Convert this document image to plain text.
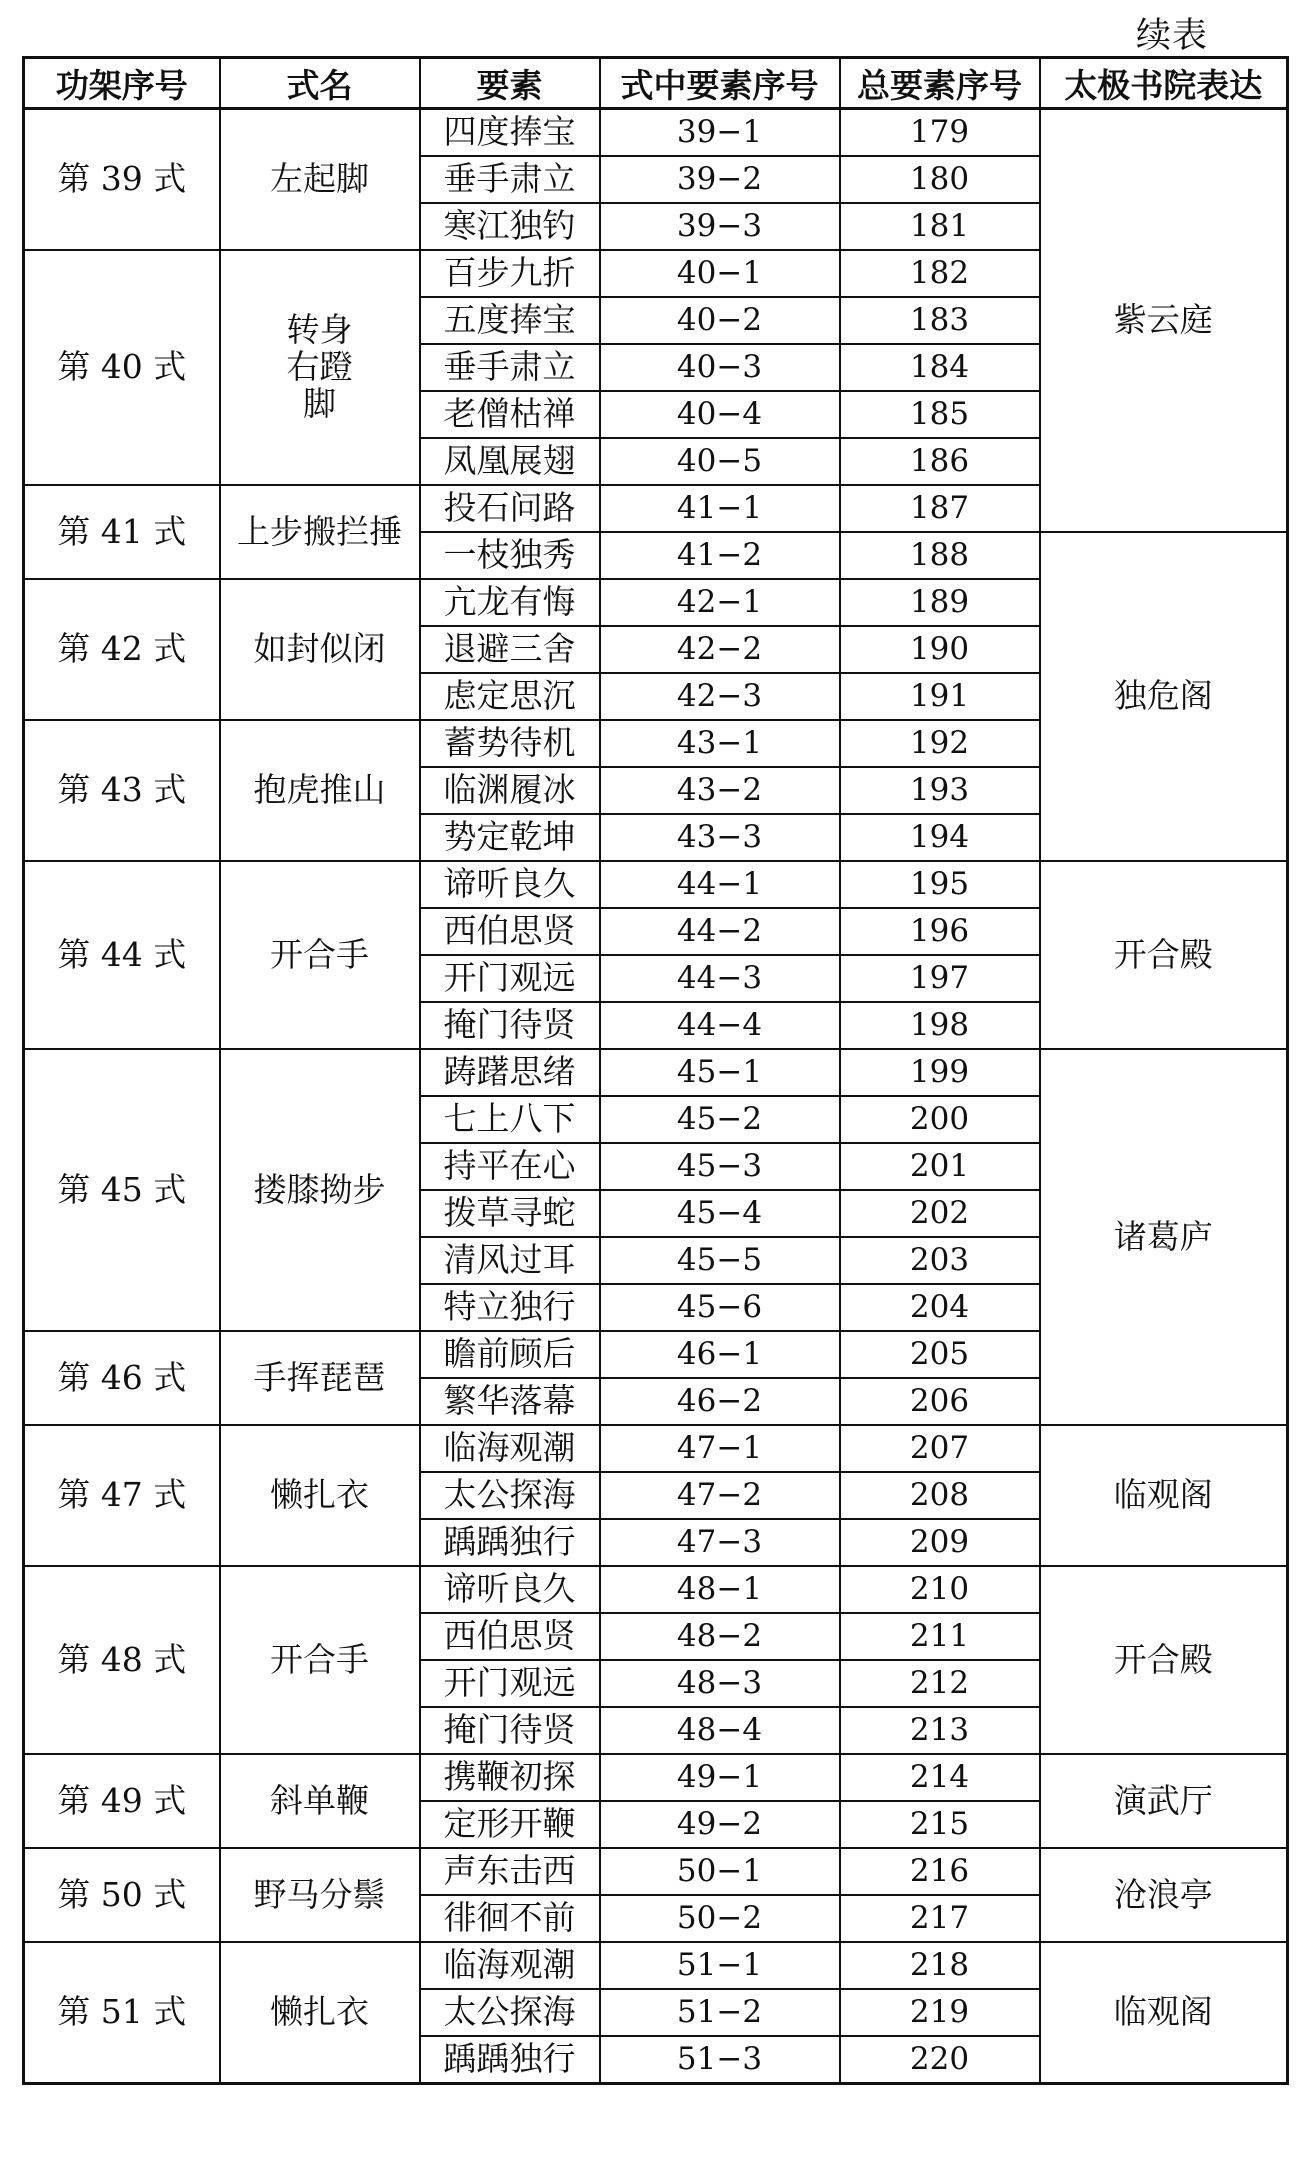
续表
功架序号	式名	要素	式中要素序号	总要素序号	太极书院表达
第 39 式	左起脚	四度捧宝	39−1	179	紫云庭
		垂手肃立	39−2	180	
		寒江独钓	39−3	181	
第 40 式	转身右蹬脚	百步九折	40−1	182	
		五度捧宝	40−2	183	
		垂手肃立	40−3	184	
		老僧枯禅	40−4	185	
		凤凰展翅	40−5	186	
第 41 式	上步搬拦捶	投石问路	41−1	187	
		一枝独秀	41−2	188	独危阁
第 42 式	如封似闭	亢龙有悔	42−1	189	
		退避三舍	42−2	190	
		虑定思沉	42−3	191	
第 43 式	抱虎推山	蓄势待机	43−1	192	
		临渊履冰	43−2	193	
		势定乾坤	43−3	194	
第 44 式	开合手	谛听良久	44−1	195	开合殿
		西伯思贤	44−2	196	
		开门观远	44−3	197	
		掩门待贤	44−4	198	
第 45 式	搂膝拗步	踌躇思绪	45−1	199	诸葛庐
		七上八下	45−2	200	
		持平在心	45−3	201	
		拨草寻蛇	45−4	202	
		清风过耳	45−5	203	
		特立独行	45−6	204	
第 46 式	手挥琵琶	瞻前顾后	46−1	205	
		繁华落幕	46−2	206	
第 47 式	懒扎衣	临海观潮	47−1	207	临观阁
		太公探海	47−2	208	
		踽踽独行	47−3	209	
第 48 式	开合手	谛听良久	48−1	210	开合殿
		西伯思贤	48−2	211	
		开门观远	48−3	212	
		掩门待贤	48−4	213	
第 49 式	斜单鞭	携鞭初探	49−1	214	演武厅
		定形开鞭	49−2	215	
第 50 式	野马分鬃	声东击西	50−1	216	沧浪亭
		徘徊不前	50−2	217	
第 51 式	懒扎衣	临海观潮	51−1	218	临观阁
		太公探海	51−2	219	
		踽踽独行	51−3	220	
